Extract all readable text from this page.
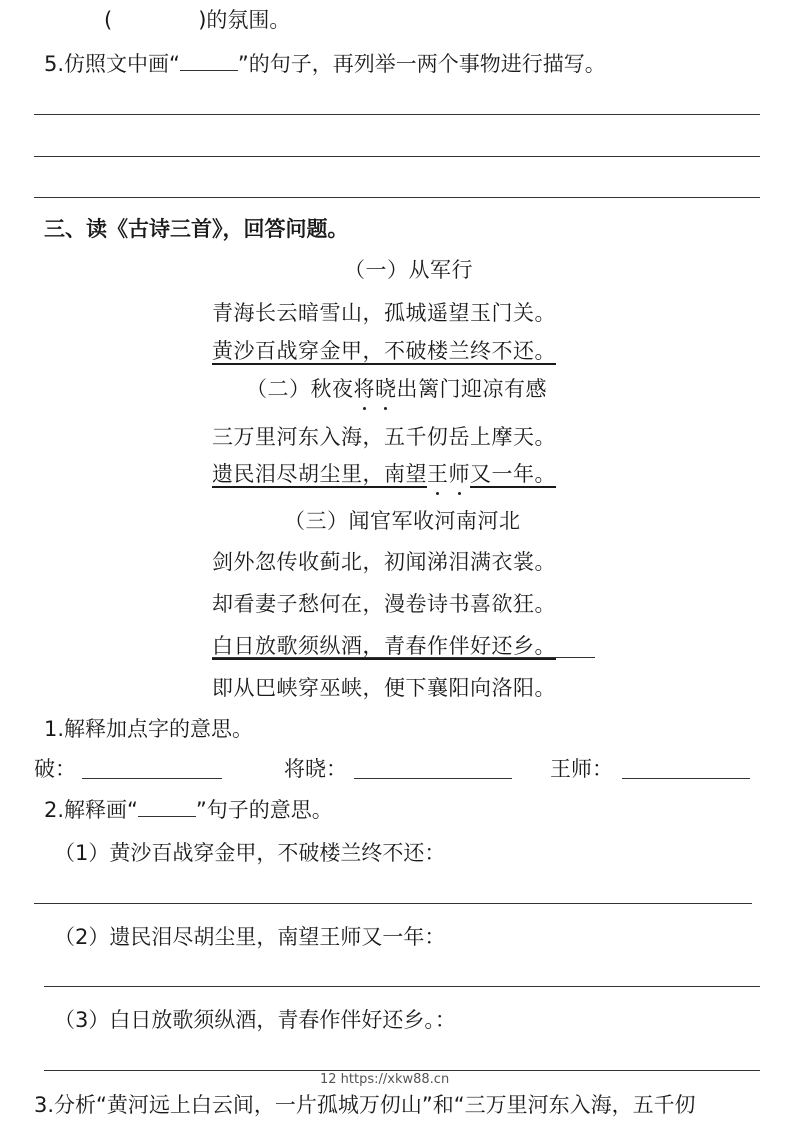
(	)的氛围。
5.仿照文中画“	”的句子，再列举一两个事物进行描写。
三、读《古诗三首》，回答问题。
（一）从军行
青海长云暗雪山，孤城遥望玉门关。
黄沙百战穿金甲，不破楼兰终不还。
（二）秋夜将晓出篱门迎凉有感
三万里河东入海，五千仞岳上摩天。
遗民泪尽胡尘里，南望王师又一年。
（三）闻官军收河南河北
剑外忽传收蓟北，初闻涕泪满衣裳。
却看妻子愁何在，漫卷诗书喜欲狂。
白日放歌须纵酒，青春作伴好还乡。
即从巴峡穿巫峡，便下襄阳向洛阳。
1.解释加点字的意思。
破：	将晓：	王师：
2.解释画“	”句子的意思。
（1）黄沙百战穿金甲，不破楼兰终不还：
（2）遗民泪尽胡尘里，南望王师又一年：
（3）白日放歌须纵酒，青春作伴好还乡。：
12 https://xkw88.cn
3.分析“黄河远上白云间，一片孤城万仞山”和“三万里河东入海，五千仞
